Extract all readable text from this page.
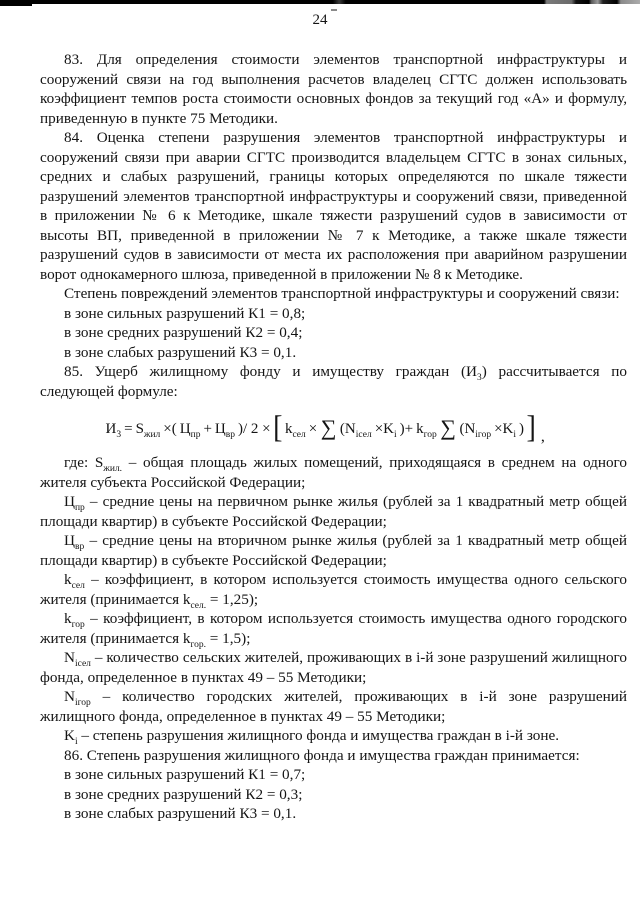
24

83. Для определения стоимости элементов транспортной инфраструктуры и сооружений связи на год выполнения расчетов владелец СГТС должен использовать коэффициент темпов роста стоимости основных фондов за текущий год «А» и формулу, приведенную в пункте 75 Методики.

84. Оценка степени разрушения элементов транспортной инфраструктуры и сооружений связи при аварии СГТС производится владельцем СГТС в зонах сильных, средних и слабых разрушений, границы которых определяются по шкале тяжести разрушений элементов транспортной инфраструктуры и сооружений связи, приведенной в приложении № 6 к Методике, шкале тяжести разрушений судов в зависимости от высоты ВП, приведенной в приложении № 7 к Методике, а также шкале тяжести разрушений судов в зависимости от места их расположения при аварийном разрушении ворот однокамерного шлюза, приведенной в приложении № 8 к Методике.

Степень повреждений элементов транспортной инфраструктуры и сооружений связи:

в зоне сильных разрушений К1 = 0,8;
в зоне средних разрушений К2 = 0,4;
в зоне слабых разрушений К3 = 0,1.

85. Ущерб жилищному фонду и имуществу граждан $(И_3)$ рассчитывается по следующей формуле:

$И_3 = S_{жил}$ ×( $Ц_{пр} + Ц_{вр}$ )/ 2 × [ $k_{сел}$ × ∑ ($N_{iсел} \times K_i$ )+ $k_{гор}$ ∑ ($N_{iгор} \times K_i$ ) ] ,

где: $S_{жил.}$ – общая площадь жилых помещений, приходящаяся в среднем на одного жителя субъекта Российской Федерации;

$Ц_{пр}$ – средние цены на первичном рынке жилья (рублей за 1 квадратный метр общей площади квартир) в субъекте Российской Федерации;

$Ц_{вр}$ – средние цены на вторичном рынке жилья (рублей за 1 квадратный метр общей площади квартир) в субъекте Российской Федерации;

$k_{сел}$ – коэффициент, в котором используется стоимость имущества одного сельского жителя (принимается $k_{сел.} = 1,25$);

$k_{гор}$ – коэффициент, в котором используется стоимость имущества одного городского жителя (принимается $k_{гор.} = 1,5$);

$N_{iсел}$ – количество сельских жителей, проживающих в i-й зоне разрушений жилищного фонда, определенное в пунктах 49 – 55 Методики;

$N_{iгор}$ – количество городских жителей, проживающих в i-й зоне разрушений жилищного фонда, определенное в пунктах 49 – 55 Методики;

$K_i$ – степень разрушения жилищного фонда и имущества граждан в i-й зоне.

86. Степень разрушения жилищного фонда и имущества граждан принимается:

в зоне сильных разрушений К1 = 0,7;
в зоне средних разрушений К2 = 0,3;
в зоне слабых разрушений К3 = 0,1.
